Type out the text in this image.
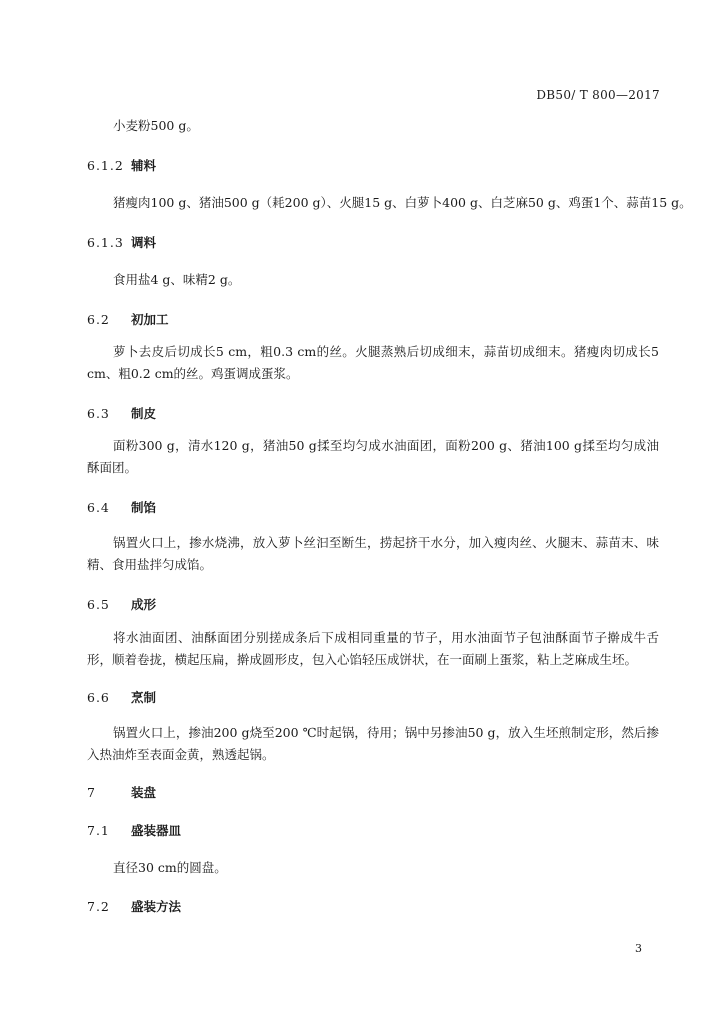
DB50/ T 800—2017
小麦粉500 g。
6.1.2 辅料
猪瘦肉100 g、猪油500 g（耗200 g）、火腿15 g、白萝卜400 g、白芝麻50 g、鸡蛋1个、蒜苗15 g。
6.1.3 调料
食用盐4 g、味精2 g。
6.2 初加工
萝卜去皮后切成长5 cm，粗0.3 cm的丝。火腿蒸熟后切成细末，蒜苗切成细末。猪瘦肉切成长5 cm、粗0.2 cm的丝。鸡蛋调成蛋浆。
6.3 制皮
面粉300 g，清水120 g，猪油50 g揉至均匀成水油面团，面粉200 g、猪油100 g揉至均匀成油酥面团。
6.4 制馅
锅置火口上，掺水烧沸，放入萝卜丝汩至断生，捞起挤干水分，加入瘦肉丝、火腿末、蒜苗末、味精、食用盐拌匀成馅。
6.5 成形
将水油面团、油酥面团分别搓成条后下成相同重量的节子，用水油面节子包油酥面节子擀成牛舌形，顺着卷拢，横起压扁，擀成圆形皮，包入心馅轻压成饼状，在一面刷上蛋浆，粘上芝麻成生坯。
6.6 烹制
锅置火口上，掺油200 g烧至200 ℃时起锅，待用；锅中另掺油50 g，放入生坯煎制定形，然后掺入热油炸至表面金黄，熟透起锅。
7	装盘
7.1 盛装器皿
直径30 cm的圆盘。
7.2 盛装方法
3
